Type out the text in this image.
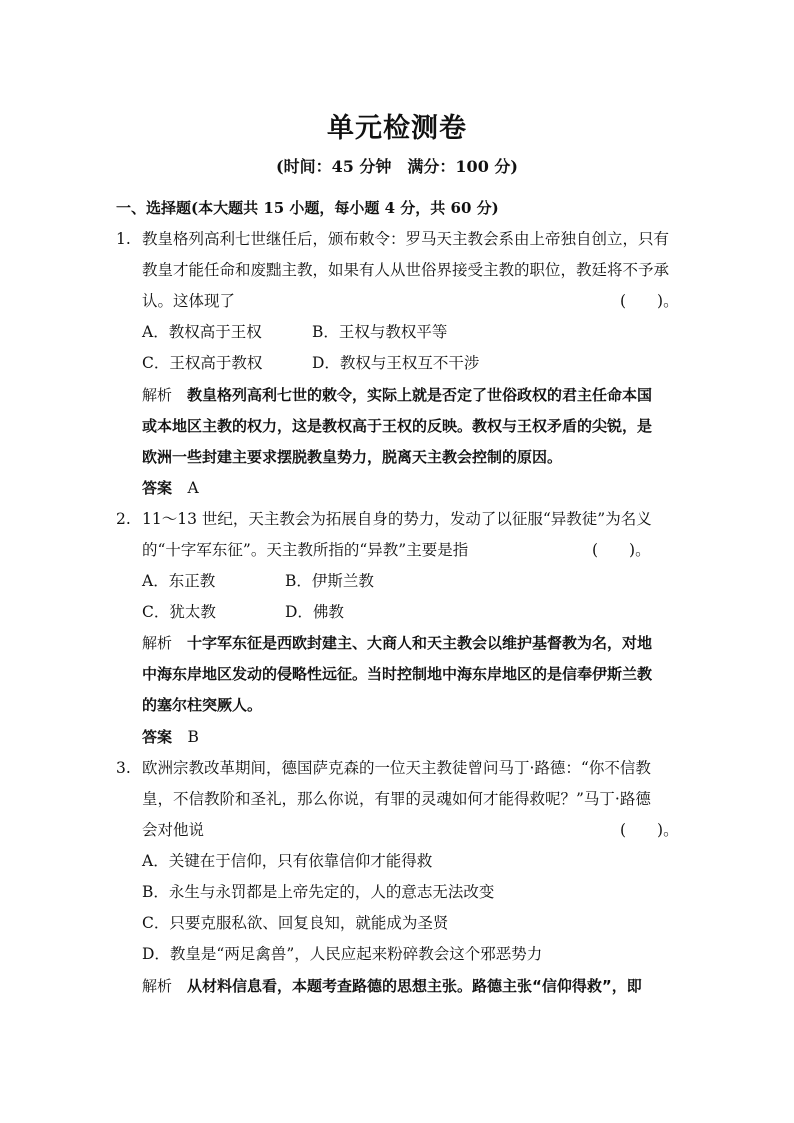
单元检测卷
(时间：45 分钟　满分：100 分)
一、选择题(本大题共 15 小题，每小题 4 分，共 60 分)
1. 教皇格列高利七世继任后，颁布敕令：罗马天主教会系由上帝独自创立，只有
教皇才能任命和废黜主教，如果有人从世俗界接受主教的职位，教廷将不予承
认。这体现了	(　　)。
A．教权高于王权	B．王权与教权平等
C．王权高于教权	D．教权与王权互不干涉
解析　 教皇格列高利七世的敕令，实际上就是否定了世俗政权的君主任命本国
或本地区主教的权力，这是教权高于王权的反映。教权与王权矛盾的尖锐，是
欧洲一些封建主要求摆脱教皇势力，脱离天主教会控制的原因。
答案　 A
2. 11～13 世纪，天主教会为拓展自身的势力，发动了以征服“异教徒”为名义
的“十字军东征”。天主教所指的“异教”主要是指	(　　)。
A．东正教	B．伊斯兰教
C．犹太教	D．佛教
解析　 十字军东征是西欧封建主、大商人和天主教会以维护基督教为名，对地
中海东岸地区发动的侵略性远征。当时控制地中海东岸地区的是信奉伊斯兰教
的塞尔柱突厥人。
答案　 B
3. 欧洲宗教改革期间，德国萨克森的一位天主教徒曾问马丁·路德：“你不信教
皇，不信教阶和圣礼，那么你说，有罪的灵魂如何才能得救呢？”马丁·路德
会对他说	(　　)。
A．关键在于信仰，只有依靠信仰才能得救
B．永生与永罚都是上帝先定的，人的意志无法改变
C．只要克服私欲、回复良知，就能成为圣贤
D．教皇是“两足禽兽”，人民应起来粉碎教会这个邪恶势力
解析　 从材料信息看，本题考查路德的思想主张。路德主张“信仰得救”，即
